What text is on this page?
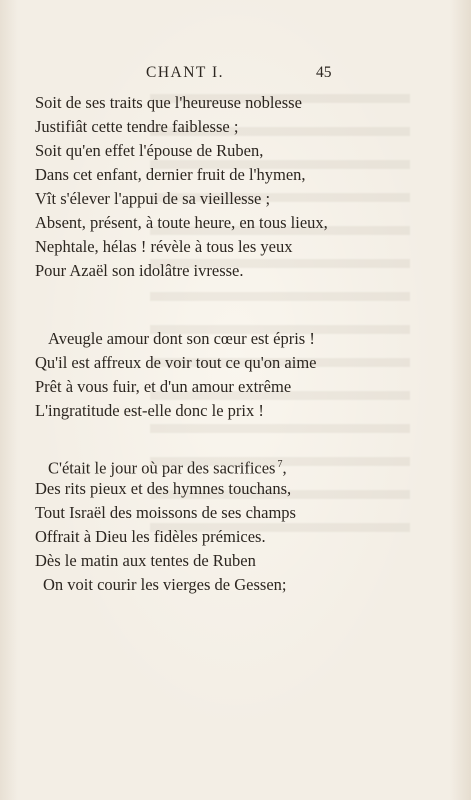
CHANT I.	45
Soit de ses traits que l'heureuse noblesse
Justifiât cette tendre faiblesse ;
Soit qu'en effet l'épouse de Ruben,
Dans cet enfant, dernier fruit de l'hymen,
Vît s'élever l'appui de sa vieillesse ;
Absent, présent, à toute heure, en tous lieux,
Nephtale, hélas ! révèle à tous les yeux
Pour Azaël son idolâtre ivresse.
Aveugle amour dont son cœur est épris !
Qu'il est affreux de voir tout ce qu'on aime
Prêt à vous fuir, et d'un amour extrême
L'ingratitude est-elle donc le prix !
C'était le jour où par des sacrifices $^7$,
Des rits pieux et des hymnes touchans,
Tout Israël des moissons de ses champs
Offrait à Dieu les fidèles prémices.
Dès le matin aux tentes de Ruben
On voit courir les vierges de Gessen;
